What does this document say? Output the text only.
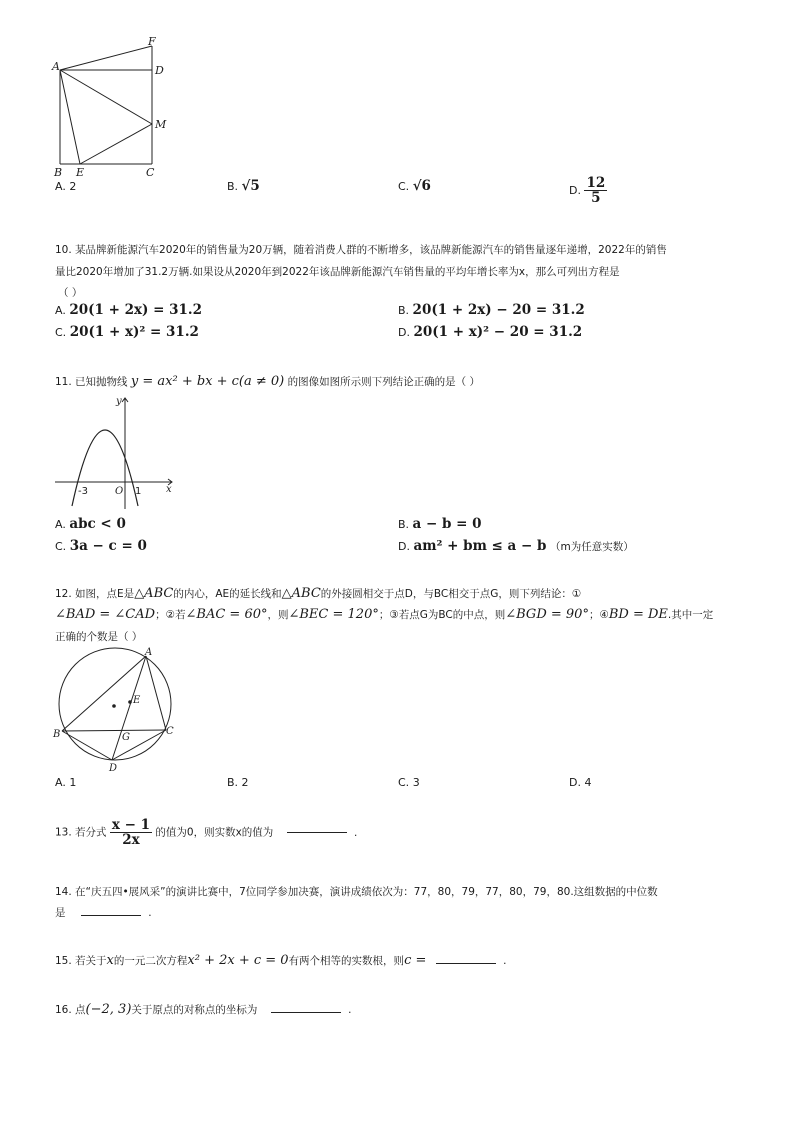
A
F
D
M
B E	C
A. 2	B. √5	C. √6	D. $\frac{12}{5}$
10. 某品牌新能源汽车2020年的销售量为20万辆，随着消费人群的不断增多，该品牌新能源汽车的销售量逐年递增，2022年的销售
量比2020年增加了31.2万辆.如果设从2020年到2022年该品牌新能源汽车销售量的平均年增长率为x，那么可列出方程是
（ ）
A. 20(1 + 2x) = 31.2	B. 20(1 + 2x) − 20 = 31.2
C. 20(1 + x)² = 31.2	D. 20(1 + x)² − 20 = 31.2
11. 已知抛物线 y = ax² + bx + c(a ≠ 0) 的图像如图所示则下列结论正确的是（ ）
y
x
O
-3	1
A. abc < 0	B. a − b = 0
C. 3a − c = 0	D. am² + bm ≤ a − b （m为任意实数）
12. 如图，点E是△ABC的内心，AE的延长线和△ABC的外接圆相交于点D，与BC相交于点G，则下列结论：①
∠BAD = ∠CAD；②若∠BAC = 60°，则∠BEC = 120°；③若点G为BC的中点，则∠BGD = 90°；④BD = DE.其中一定
正确的个数是（ ）
A
E
B	C
G
D
A. 1	B. 2	C. 3	D. 4
13. 若分式 $\frac{x - 1}{2x}$ 的值为0，则实数x的值为	.
14. 在“庆五四•展风采”的演讲比赛中，7位同学参加决赛，演讲成绩依次为：77，80，79，77，80，79，80.这组数据的中位数
是	.
15. 若关于x的一元二次方程x² + 2x + c = 0有两个相等的实数根，则c =	.
16. 点(−2, 3)关于原点的对称点的坐标为	.
